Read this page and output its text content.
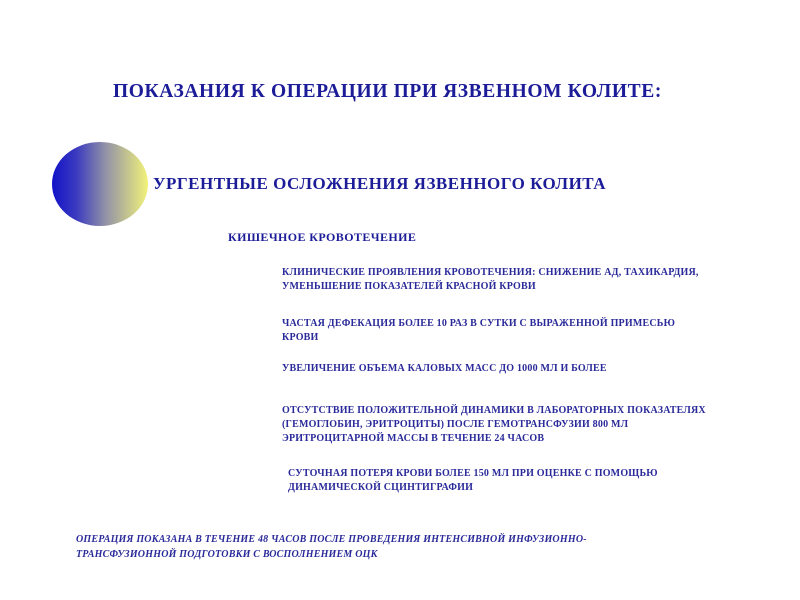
ПОКАЗАНИЯ К ОПЕРАЦИИ ПРИ ЯЗВЕННОМ КОЛИТЕ:
УРГЕНТНЫЕ ОСЛОЖНЕНИЯ ЯЗВЕННОГО КОЛИТА
КИШЕЧНОЕ КРОВОТЕЧЕНИЕ
КЛИНИЧЕСКИЕ ПРОЯВЛЕНИЯ КРОВОТЕЧЕНИЯ: СНИЖЕНИЕ АД, ТАХИКАРДИЯ,
УМЕНЬШЕНИЕ ПОКАЗАТЕЛЕЙ КРАСНОЙ КРОВИ
ЧАСТАЯ ДЕФЕКАЦИЯ БОЛЕЕ 10 РАЗ В СУТКИ С ВЫРАЖЕННОЙ ПРИМЕСЬЮ
КРОВИ
УВЕЛИЧЕНИЕ ОБЪЕМА КАЛОВЫХ МАСС ДО 1000 МЛ И БОЛЕЕ
ОТСУТСТВИЕ ПОЛОЖИТЕЛЬНОЙ ДИНАМИКИ В ЛАБОРАТОРНЫХ ПОКАЗАТЕЛЯХ
(ГЕМОГЛОБИН, ЭРИТРОЦИТЫ) ПОСЛЕ ГЕМОТРАНСФУЗИИ 800 МЛ
ЭРИТРОЦИТАРНОЙ МАССЫ В ТЕЧЕНИЕ 24 ЧАСОВ
СУТОЧНАЯ ПОТЕРЯ КРОВИ БОЛЕЕ 150 МЛ ПРИ ОЦЕНКЕ С ПОМОЩЬЮ
ДИНАМИЧЕСКОЙ СЦИНТИГРАФИИ
ОПЕРАЦИЯ ПОКАЗАНА В ТЕЧЕНИЕ 48 ЧАСОВ ПОСЛЕ ПРОВЕДЕНИЯ ИНТЕНСИВНОЙ ИНФУЗИОННО-
ТРАНСФУЗИОННОЙ ПОДГОТОВКИ С ВОСПОЛНЕНИЕМ ОЦК
